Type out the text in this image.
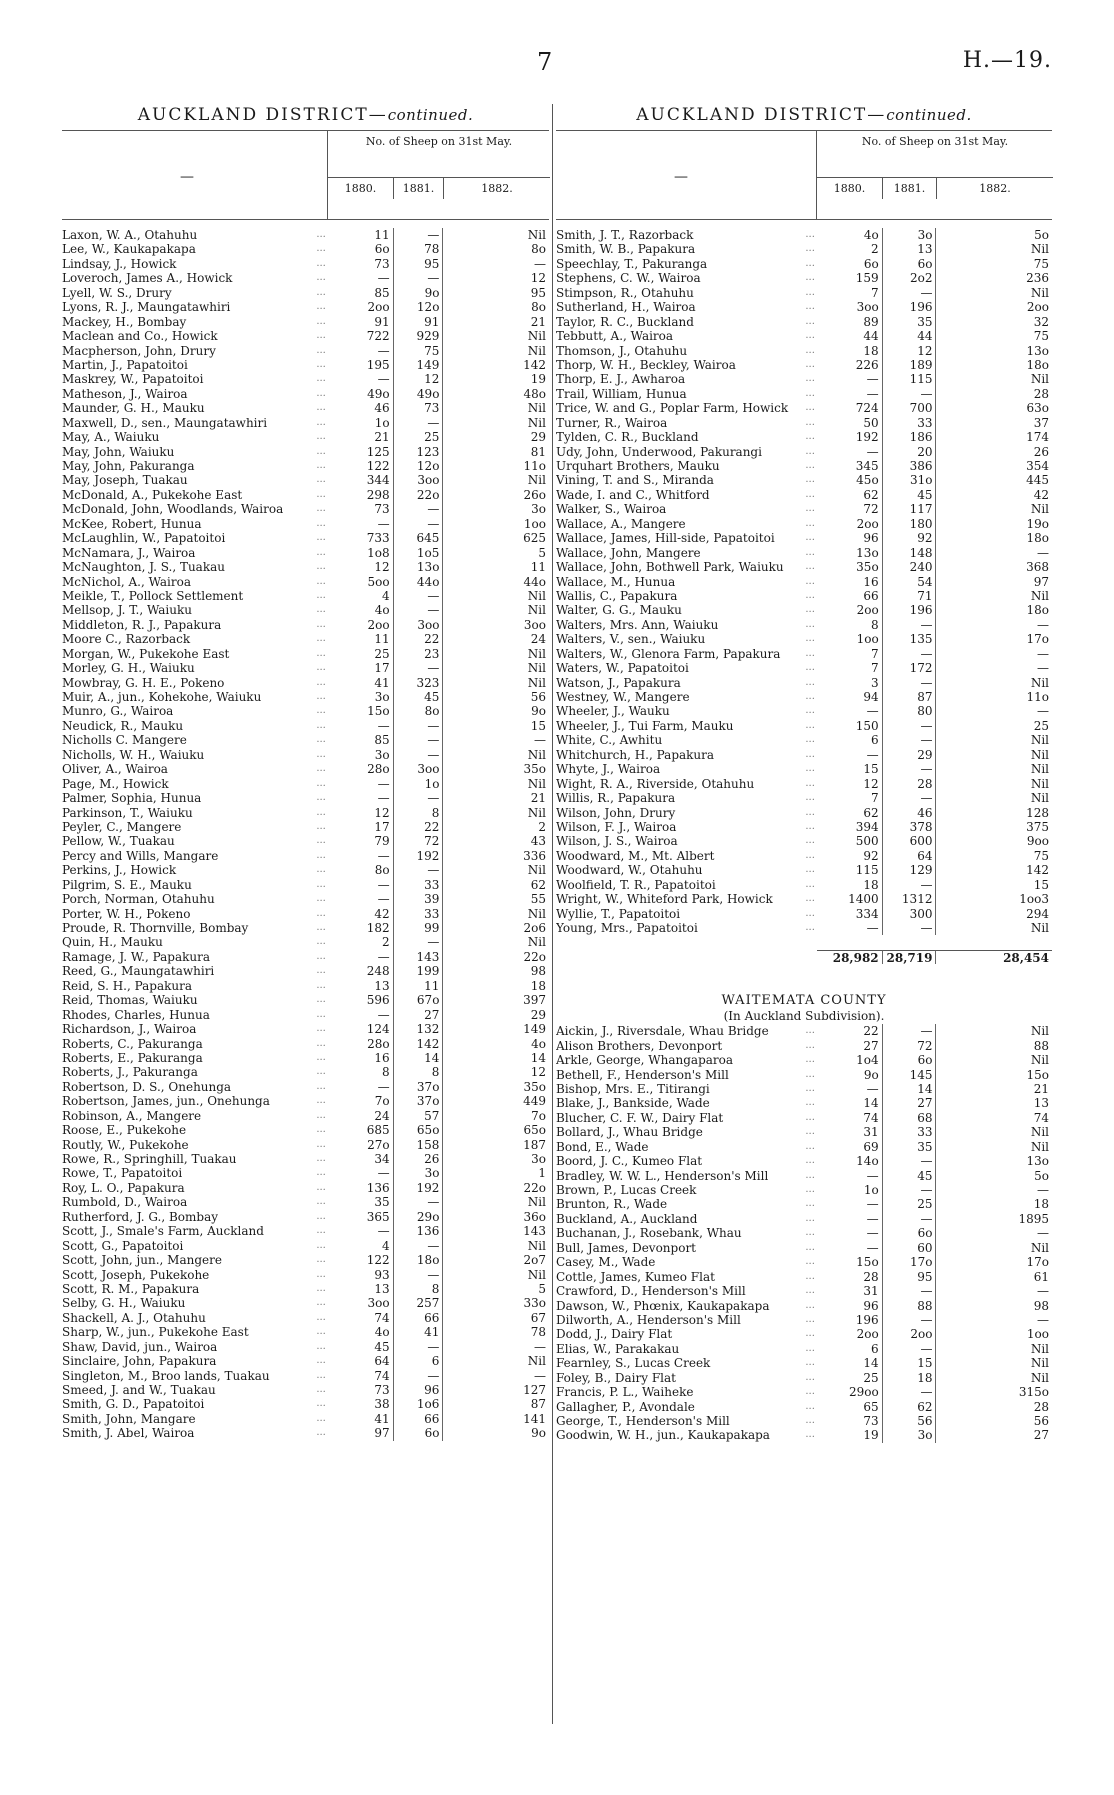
7	H.—19.
AUCKLAND DISTRICT—continued.
—
No. of Sheep on 31st May.
1880.	1881.	1882.
Laxon, W. A., Otahuhu	...	11	—	Nil
Lee, W., Kaukapakapa	...	6o	78	8o
Lindsay, J., Howick	...	73	95	—
Loveroch, James A., Howick	...	—	—	12
Lyell, W. S., Drury	...	85	9o	95
Lyons, R. J., Maungatawhiri	...	2oo	12o	8o
Mackey, H., Bombay	...	91	91	21
Maclean and Co., Howick	...	722	929	Nil
Macpherson, John, Drury	...	—	75	Nil
Martin, J., Papatoitoi	...	195	149	142
Maskrey, W., Papatoitoi	...	—	12	19
Matheson, J., Wairoa	...	49o	49o	48o
Maunder, G. H., Mauku	...	46	73	Nil
Maxwell, D., sen., Maungatawhiri	...	1o	—	Nil
May, A., Waiuku	...	21	25	29
May, John, Waiuku	...	125	123	81
May, John, Pakuranga	...	122	12o	11o
May, Joseph, Tuakau	...	344	3oo	Nil
McDonald, A., Pukekohe East	...	298	22o	26o
McDonald, John, Woodlands, Wairoa	...	73	—	3o
McKee, Robert, Hunua	...	—	—	1oo
McLaughlin, W., Papatoitoi	...	733	645	625
McNamara, J., Wairoa	...	1o8	1o5	5
McNaughton, J. S., Tuakau	...	12	13o	11
McNichol, A., Wairoa	...	5oo	44o	44o
Meikle, T., Pollock Settlement	...	4	—	Nil
Mellsop, J. T., Waiuku	...	4o	—	Nil
Middleton, R. J., Papakura	...	2oo	3oo	3oo
Moore C., Razorback	...	11	22	24
Morgan, W., Pukekohe East	...	25	23	Nil
Morley, G. H., Waiuku	...	17	—	Nil
Mowbray, G. H. E., Pokeno	...	41	323	Nil
Muir, A., jun., Kohekohe, Waiuku	...	3o	45	56
Munro, G., Wairoa	...	15o	8o	9o
Neudick, R., Mauku	...	—	—	15
Nicholls C. Mangere	...	85	—	—
Nicholls, W. H., Waiuku	...	3o	—	Nil
Oliver, A., Wairoa	...	28o	3oo	35o
Page, M., Howick	...	—	1o	Nil
Palmer, Sophia, Hunua	...	—	—	21
Parkinson, T., Waiuku	...	12	8	Nil
Peyler, C., Mangere	...	17	22	2
Pellow, W., Tuakau	...	79	72	43
Percy and Wills, Mangare	...	—	192	336
Perkins, J., Howick	...	8o	—	Nil
Pilgrim, S. E., Mauku	...	—	33	62
Porch, Norman, Otahuhu	...	—	39	55
Porter, W. H., Pokeno	...	42	33	Nil
Proude, R. Thornville, Bombay	...	182	99	2o6
Quin, H., Mauku	...	2	—	Nil
Ramage, J. W., Papakura	...	—	143	22o
Reed, G., Maungatawhiri	...	248	199	98
Reid, S. H., Papakura	...	13	11	18
Reid, Thomas, Waiuku	...	596	67o	397
Rhodes, Charles, Hunua	...	—	27	29
Richardson, J., Wairoa	...	124	132	149
Roberts, C., Pakuranga	...	28o	142	4o
Roberts, E., Pakuranga	...	16	14	14
Roberts, J., Pakuranga	...	8	8	12
Robertson, D. S., Onehunga	...	—	37o	35o
Robertson, James, jun., Onehunga	...	7o	37o	449
Robinson, A., Mangere	...	24	57	7o
Roose, E., Pukekohe	...	685	65o	65o
Routly, W., Pukekohe	...	27o	158	187
Rowe, R., Springhill, Tuakau	...	34	26	3o
Rowe, T., Papatoitoi	...	—	3o	1
Roy, L. O., Papakura	...	136	192	22o
Rumbold, D., Wairoa	...	35	—	Nil
Rutherford, J. G., Bombay	...	365	29o	36o
Scott, J., Smale's Farm, Auckland	...	—	136	143
Scott, G., Papatoitoi	...	4	—	Nil
Scott, John, jun., Mangere	...	122	18o	2o7
Scott, Joseph, Pukekohe	...	93	—	Nil
Scott, R. M., Papakura	...	13	8	5
Selby, G. H., Waiuku	...	3oo	257	33o
Shackell, A. J., Otahuhu	...	74	66	67
Sharp, W., jun., Pukekohe East	...	4o	41	78
Shaw, David, jun., Wairoa	...	45	—	—
Sinclaire, John, Papakura	...	64	6	Nil
Singleton, M., Broo lands, Tuakau	...	74	—	—
Smeed, J. and W., Tuakau	...	73	96	127
Smith, G. D., Papatoitoi	...	38	1o6	87
Smith, John, Mangare	...	41	66	141
Smith, J. Abel, Wairoa	...	97	6o	9o
AUCKLAND DISTRICT—continued.
—
No. of Sheep on 31st May.
1880.	1881.	1882.
Smith, J. T., Razorback	...	4o	3o	5o
Smith, W. B., Papakura	...	2	13	Nil
Speechlay, T., Pakuranga	...	6o	6o	75
Stephens, C. W., Wairoa	...	159	2o2	236
Stimpson, R., Otahuhu	...	7	—	Nil
Sutherland, H., Wairoa	...	3oo	196	2oo
Taylor, R. C., Buckland	...	89	35	32
Tebbutt, A., Wairoa	...	44	44	75
Thomson, J., Otahuhu	...	18	12	13o
Thorp, W. H., Beckley, Wairoa	...	226	189	18o
Thorp, E. J., Awharoa	...	—	115	Nil
Trail, William, Hunua	...	—	—	28
Trice, W. and G., Poplar Farm, Howick	...	724	700	63o
Turner, R., Wairoa	...	50	33	37
Tylden, C. R., Buckland	...	192	186	174
Udy, John, Underwood, Pakurangi	...	—	20	26
Urquhart Brothers, Mauku	...	345	386	354
Vining, T. and S., Miranda	...	45o	31o	445
Wade, I. and C., Whitford	...	62	45	42
Walker, S., Wairoa	...	72	117	Nil
Wallace, A., Mangere	...	2oo	180	19o
Wallace, James, Hill-side, Papatoitoi	...	96	92	18o
Wallace, John, Mangere	...	13o	148	—
Wallace, John, Bothwell Park, Waiuku	...	35o	240	368
Wallace, M., Hunua	...	16	54	97
Wallis, C., Papakura	...	66	71	Nil
Walter, G. G., Mauku	...	2oo	196	18o
Walters, Mrs. Ann, Waiuku	...	8	—	—
Walters, V., sen., Waiuku	...	1oo	135	17o
Walters, W., Glenora Farm, Papakura	...	7	—	—
Waters, W., Papatoitoi	...	7	172	—
Watson, J., Papakura	...	3	—	Nil
Westney, W., Mangere	...	94	87	11o
Wheeler, J., Wauku	...	—	80	—
Wheeler, J., Tui Farm, Mauku	...	150	—	25
White, C., Awhitu	...	6	—	Nil
Whitchurch, H., Papakura	...	—	29	Nil
Whyte, J., Wairoa	...	15	—	Nil
Wight, R. A., Riverside, Otahuhu	...	12	28	Nil
Willis, R., Papakura	...	7	—	Nil
Wilson, John, Drury	...	62	46	128
Wilson, F. J., Wairoa	...	394	378	375
Wilson, J. S., Wairoa	...	500	600	9oo
Woodward, M., Mt. Albert	...	92	64	75
Woodward, W., Otahuhu	...	115	129	142
Woolfield, T. R., Papatoitoi	...	18	—	15
Wright, W., Whiteford Park, Howick	...	1400	1312	1oo3
Wyllie, T., Papatoitoi	...	334	300	294
Young, Mrs., Papatoitoi	...	—	—	Nil
28,982 28,719	28,454
WAITEMATA COUNTY
(In Auckland Subdivision).
Aickin, J., Riversdale, Whau Bridge	...	22	—	Nil
Alison Brothers, Devonport	...	27	72	88
Arkle, George, Whangaparoa	...	1o4	6o	Nil
Bethell, F., Henderson's Mill	...	9o	145	15o
Bishop, Mrs. E., Titirangi	...	—	14	21
Blake, J., Bankside, Wade	...	14	27	13
Blucher, C. F. W., Dairy Flat	...	74	68	74
Bollard, J., Whau Bridge	...	31	33	Nil
Bond, E., Wade	...	69	35	Nil
Boord, J. C., Kumeo Flat	...	14o	—	13o
Bradley, W. W. L., Henderson's Mill	...	—	45	5o
Brown, P., Lucas Creek	...	1o	—	—
Brunton, R., Wade	...	—	25	18
Buckland, A., Auckland	...	—	—	1895
Buchanan, J., Rosebank, Whau	...	—	6o	—
Bull, James, Devonport	...	—	60	Nil
Casey, M., Wade	...	15o	17o	17o
Cottle, James, Kumeo Flat	...	28	95	61
Crawford, D., Henderson's Mill	...	31	—	—
Dawson, W., Phœnix, Kaukapakapa	...	96	88	98
Dilworth, A., Henderson's Mill	...	196	—	—
Dodd, J., Dairy Flat	...	2oo	2oo	1oo
Elias, W., Parakakau	...	6	—	Nil
Fearnley, S., Lucas Creek	...	14	15	Nil
Foley, B., Dairy Flat	...	25	18	Nil
Francis, P. L., Waiheke	...	29oo	—	315o
Gallagher, P., Avondale	...	65	62	28
George, T., Henderson's Mill	...	73	56	56
Goodwin, W. H., jun., Kaukapakapa	...	19	3o	27
